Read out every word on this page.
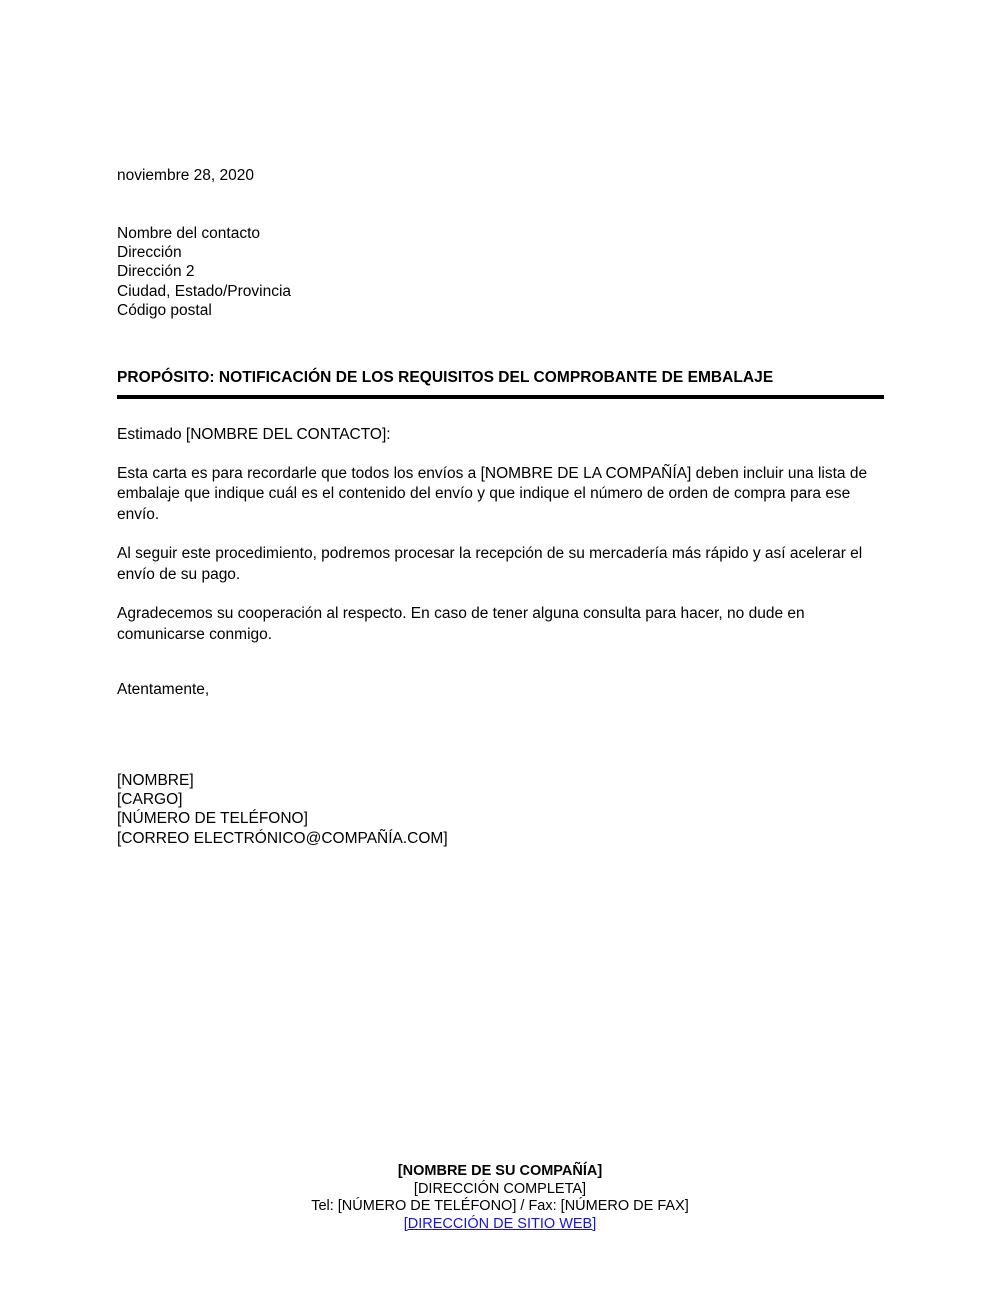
noviembre 28, 2020
Nombre del contacto
Dirección
Dirección 2
Ciudad, Estado/Provincia
Código postal
PROPÓSITO: NOTIFICACIÓN DE LOS REQUISITOS DEL COMPROBANTE DE EMBALAJE
Estimado [NOMBRE DEL CONTACTO]:
Esta carta es para recordarle que todos los envíos a [NOMBRE DE LA COMPAÑÍA] deben incluir una lista de embalaje que indique cuál es el contenido del envío y que indique el número de orden de compra para ese envío.
Al seguir este procedimiento, podremos procesar la recepción de su mercadería más rápido y así acelerar el envío de su pago.
Agradecemos su cooperación al respecto. En caso de tener alguna consulta para hacer, no dude en comunicarse conmigo.
Atentamente,
[NOMBRE]
[CARGO]
[NÚMERO DE TELÉFONO]
[CORREO ELECTRÓNICO@COMPAÑÍA.COM]
[NOMBRE DE SU COMPAÑÍA]
[DIRECCIÓN COMPLETA]
Tel: [NÚMERO DE TELÉFONO] / Fax: [NÚMERO DE FAX]
[DIRECCIÓN DE SITIO WEB]
